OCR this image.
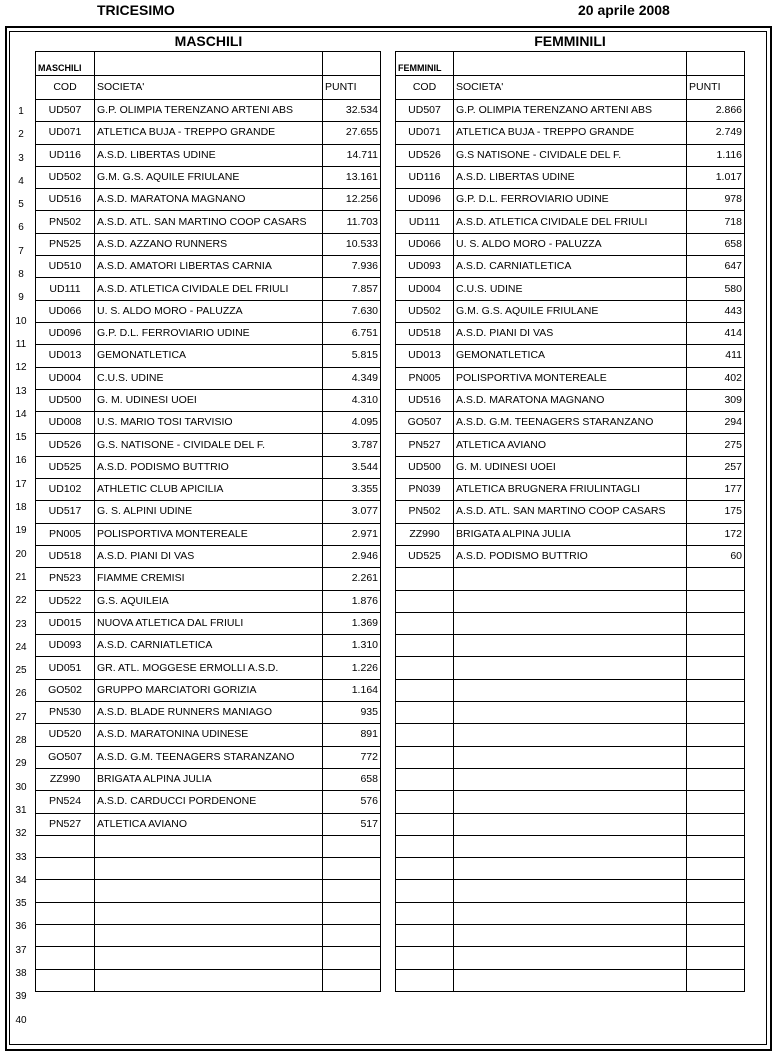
TRICESIMO	20 aprile 2008
MASCHILI	FEMMINILI
1
2
3
4
5
6
7
8
9
10
11
12
13
14
15
16
17
18
19
20
21
22
23
24
25
26
27
28
29
30
31
32
33
34
35
36
37
38
39
40
MASCHILI		
COD	SOCIETA'	PUNTI
UD507	G.P. OLIMPIA TERENZANO ARTENI ABS	32.534
UD071	ATLETICA BUJA - TREPPO GRANDE	27.655
UD116	A.S.D. LIBERTAS UDINE	14.711
UD502	G.M. G.S. AQUILE FRIULANE	13.161
UD516	A.S.D. MARATONA MAGNANO	12.256
PN502	A.S.D. ATL. SAN MARTINO COOP CASARS	11.703
PN525	A.S.D. AZZANO RUNNERS	10.533
UD510	A.S.D. AMATORI LIBERTAS CARNIA	7.936
UD111	A.S.D. ATLETICA CIVIDALE DEL FRIULI	7.857
UD066	U. S. ALDO MORO - PALUZZA	7.630
UD096	G.P. D.L. FERROVIARIO UDINE	6.751
UD013	GEMONATLETICA	5.815
UD004	C.U.S. UDINE	4.349
UD500	G. M. UDINESI UOEI	4.310
UD008	U.S. MARIO TOSI TARVISIO	4.095
UD526	G.S. NATISONE - CIVIDALE DEL F.	3.787
UD525	A.S.D. PODISMO BUTTRIO	3.544
UD102	ATHLETIC CLUB APICILIA	3.355
UD517	G. S. ALPINI UDINE	3.077
PN005	POLISPORTIVA MONTEREALE	2.971
UD518	A.S.D. PIANI DI VAS	2.946
PN523	FIAMME CREMISI	2.261
UD522	G.S. AQUILEIA	1.876
UD015	NUOVA ATLETICA DAL FRIULI	1.369
UD093	A.S.D. CARNIATLETICA	1.310
UD051	GR. ATL. MOGGESE ERMOLLI A.S.D.	1.226
GO502	GRUPPO MARCIATORI GORIZIA	1.164
PN530	A.S.D. BLADE RUNNERS MANIAGO	935
UD520	A.S.D. MARATONINA UDINESE	891
GO507	A.S.D. G.M. TEENAGERS STARANZANO	772
ZZ990	BRIGATA ALPINA JULIA	658
PN524	A.S.D. CARDUCCI PORDENONE	576
PN527	ATLETICA AVIANO	517

FEMMINIL		
COD	SOCIETA'	PUNTI
UD507	G.P. OLIMPIA TERENZANO ARTENI ABS	2.866
UD071	ATLETICA BUJA - TREPPO GRANDE	2.749
UD526	G.S NATISONE - CIVIDALE DEL F.	1.116
UD116	A.S.D. LIBERTAS UDINE	1.017
UD096	G.P. D.L. FERROVIARIO UDINE	978
UD111	A.S.D. ATLETICA CIVIDALE DEL FRIULI	718
UD066	U. S. ALDO MORO - PALUZZA	658
UD093	A.S.D. CARNIATLETICA	647
UD004	C.U.S. UDINE	580
UD502	G.M. G.S. AQUILE FRIULANE	443
UD518	A.S.D. PIANI DI VAS	414
UD013	GEMONATLETICA	411
PN005	POLISPORTIVA MONTEREALE	402
UD516	A.S.D. MARATONA MAGNANO	309
GO507	A.S.D. G.M. TEENAGERS STARANZANO	294
PN527	ATLETICA AVIANO	275
UD500	G. M. UDINESI UOEI	257
PN039	ATLETICA BRUGNERA FRIULINTAGLI	177
PN502	A.S.D. ATL. SAN MARTINO COOP CASARS	175
ZZ990	BRIGATA ALPINA JULIA	172
UD525	A.S.D. PODISMO BUTTRIO	60
